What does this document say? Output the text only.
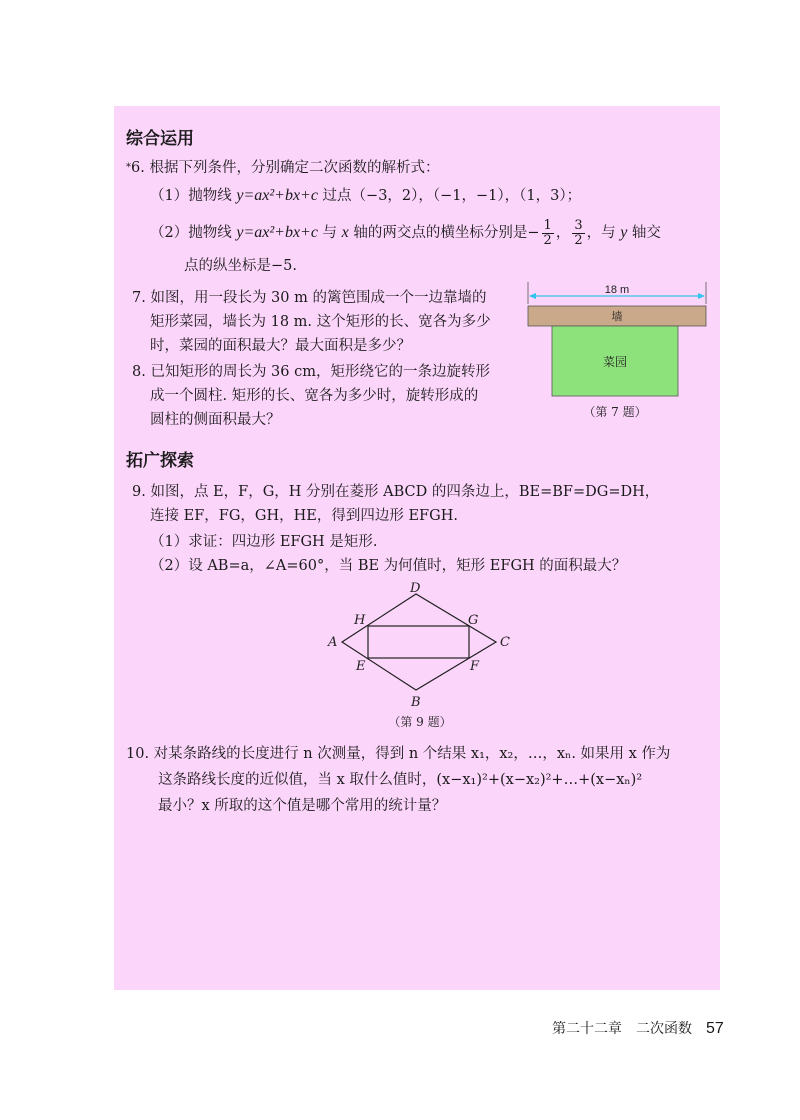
综合运用
*6. 根据下列条件，分别确定二次函数的解析式：
（1）抛物线 y=ax²+bx+c 过点（−3，2），（−1，−1），（1，3）；
（2）抛物线 y=ax²+bx+c 与 x 轴的两交点的横坐标分别是− $\frac{1}{2}$ ， $\frac{3}{2}$ ，与 y 轴交
点的纵坐标是−5.
7. 如图，用一段长为 30 m 的篱笆围成一个一边靠墙的
矩形菜园，墙长为 18 m. 这个矩形的长、宽各为多少
时，菜园的面积最大？最大面积是多少？
8. 已知矩形的周长为 36 cm，矩形绕它的一条边旋转形
成一个圆柱. 矩形的长、宽各为多少时，旋转形成的
圆柱的侧面积最大？
18 m
墙
菜园
（第 7 题）
拓广探索
9. 如图，点 E，F，G，H 分别在菱形 ABCD 的四条边上，BE=BF=DG=DH，
连接 EF，FG，GH，HE，得到四边形 EFGH.
（1）求证：四边形 EFGH 是矩形.
（2）设 AB=a，∠A=60°，当 BE 为何值时，矩形 EFGH 的面积最大？
A
B
C
D
E	F
G
H
（第 9 题）
10. 对某条路线的长度进行 n 次测量，得到 n 个结果 x₁，x₂，…，xₙ. 如果用 x 作为
这条路线长度的近似值，当 x 取什么值时，(x−x₁)²+(x−x₂)²+…+(x−xₙ)²
最小？x 所取的这个值是哪个常用的统计量？
第二十二章　二次函数 57
